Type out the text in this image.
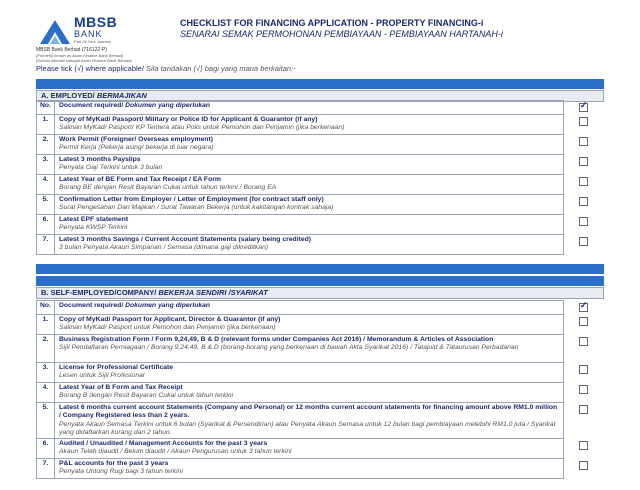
MBSB
BANK
Part Of Your Journey
MBSB Bank Berhad (716122-P)
(Formerly known as Asian Finance Bank Berhad)
(Dahulu dikenali sebagai Asian Finance Bank Berhad)
CHECKLIST FOR FINANCING APPLICATION - PROPERTY FINANCING-i
SENARAI SEMAK PERMOHONAN PEMBIAYAAN - PEMBIAYAAN HARTANAH-i
Please tick (√) where applicable/ Sila tandakan (√) bagi yang mana berkaitan:-
A. EMPLOYED/ BERMAJIKAN
No.	Document required/ Dokumen yang diperlukan	✓
1.	Copy of MyKad/ Passport/ Military or Police ID for Applicant & Guarantor (if any)
Salinan MyKad/ Pasport/ KP Tentera atau Polis untuk Pemohon dan Penjamin (jika berkenaan)	

2.	Work Permit (Foreigner/ Overseas employment)
Permit Kerja (Pekerja asing/ bekerja di luar negara)	

3.	Latest 3 months Payslips
Penyata Gaji Terkini untuk 3 bulan	

4.	Latest Year of BE Form and Tax Receipt / EA Form
Borang BE dengan Resit Bayaran Cukai untuk tahun terkini / Borang EA	

5.	Confirmation Letter from Employer / Letter of Employment (for contract staff only)
Surat Pengesahan Dari Majikan / Surat Tawaran Bekerja (untuk kakitangan kontrak sahaja)	

6.	Latest EPF statement
Penyata KWSP Terkini	

7.	Latest 3 months Savings / Current Account Statements (salary being credited)
3 bulan Penyata Akaun Simpanan / Semasa (dimana gaji dikreditkan)	

B. SELF-EMPLOYED/COMPANY/ BEKERJA SENDIRI /SYARIKAT
No.	Document required/ Dokumen yang diperlukan	✓
1.	Copy of MyKad/ Passport for Applicant, Director & Guarantor (if any)
Salinan MyKad/ Pasport untuk Pemohon dan Penjamin (jika berkenaan)	

2.	Business Registration Form / Form 9,24,49, B & D (relevant forms under Companies Act 2016) / Memorandum & Articles of Association
Sijil Pendaftaran Perniagaan / Borang 9,24,49, B & D (borang-borang yang berkenaan di bawah Akta Syarikat 2016) / Tatajuid & Tataurusan Perbadanan	

3.	License for Professional Certificate
Lesen untuk Sijil Profesional	

4.	Latest Year of B Form and Tax Receipt
Borang B dengan Resit Bayaran Cukai untuk tahun terkini	

5.	Latest 6 months current account Statements (Company and Personal) or 12 months current account statements for financing amount above RM1.0 million / Company Registered less than 2 years.
Penyata Akaun Semasa Terkini untuk 6 bulan (Syarikat & Persendirian) atau Penyata Akaun Semasa untuk 12 bulan bagi pembiayaan melebihi RM1.0 juta / Syarikat yang didaftarkan kurang dari 2 tahun.	

6.	Audited / Unaudited / Management Accounts for the past 3 years
Akaun Telah diaudit / Belum diaudit / Akaun Pengurusan untuk 3 tahun terkini	

7.	P&L accounts for the past 3 years
Penyata Untung Rugi bagi 3 tahun terkini	
